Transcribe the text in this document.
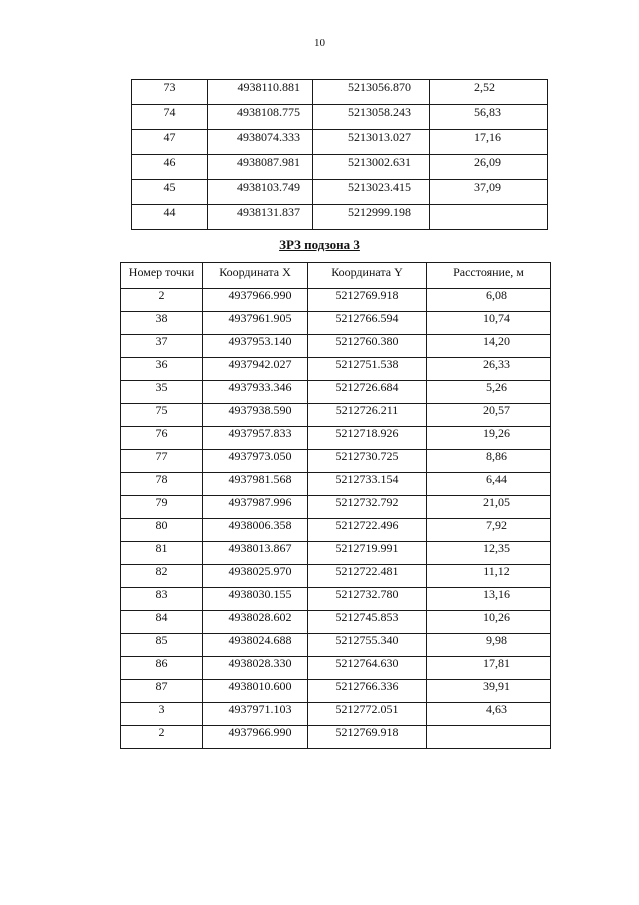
10
73	4938110.881	5213056.870	2,52
74	4938108.775	5213058.243	56,83
47	4938074.333	5213013.027	17,16
46	4938087.981	5213002.631	26,09
45	4938103.749	5213023.415	37,09
44	4938131.837	5212999.198	
ЗРЗ подзона 3
Номер точки	Координата X	Координата Y	Расстояние, м
2	4937966.990	5212769.918	6,08
38	4937961.905	5212766.594	10,74
37	4937953.140	5212760.380	14,20
36	4937942.027	5212751.538	26,33
35	4937933.346	5212726.684	5,26
75	4937938.590	5212726.211	20,57
76	4937957.833	5212718.926	19,26
77	4937973.050	5212730.725	8,86
78	4937981.568	5212733.154	6,44
79	4937987.996	5212732.792	21,05
80	4938006.358	5212722.496	7,92
81	4938013.867	5212719.991	12,35
82	4938025.970	5212722.481	11,12
83	4938030.155	5212732.780	13,16
84	4938028.602	5212745.853	10,26
85	4938024.688	5212755.340	9,98
86	4938028.330	5212764.630	17,81
87	4938010.600	5212766.336	39,91
3	4937971.103	5212772.051	4,63
2	4937966.990	5212769.918	
